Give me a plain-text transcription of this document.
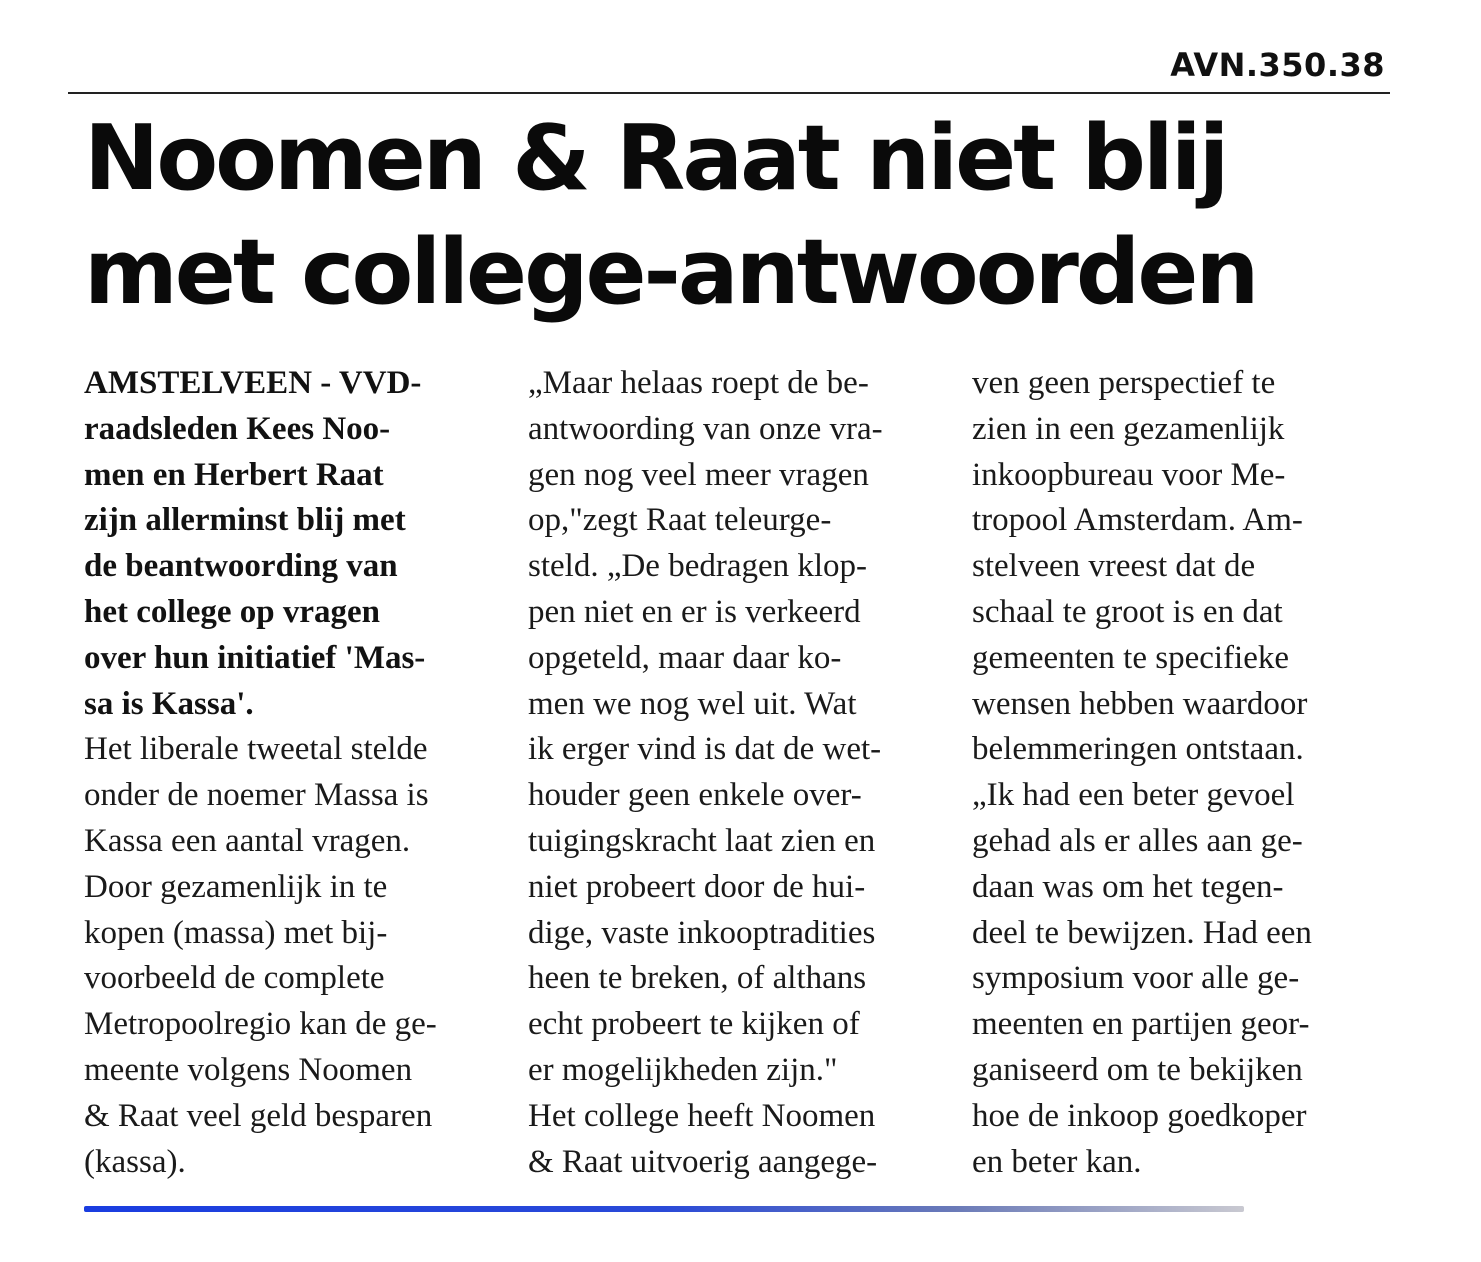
AVN.350.38
Noomen & Raat niet blij
met college-antwoorden
AMSTELVEEN - VVD-
raadsleden Kees Noo-
men en Herbert Raat
zijn allerminst blij met
de beantwoording van
het college op vragen
over hun initiatief 'Mas-
sa is Kassa'.
Het liberale tweetal stelde
onder de noemer Massa is
Kassa een aantal vragen.
Door gezamenlijk in te
kopen (massa) met bij-
voorbeeld de complete
Metropoolregio kan de ge-
meente volgens Noomen
& Raat veel geld besparen
(kassa).
„Maar helaas roept de be-
antwoording van onze vra-
gen nog veel meer vragen
op,"zegt Raat teleurge-
steld. „De bedragen klop-
pen niet en er is verkeerd
opgeteld, maar daar ko-
men we nog wel uit. Wat
ik erger vind is dat de wet-
houder geen enkele over-
tuigingskracht laat zien en
niet probeert door de hui-
dige, vaste inkooptradities
heen te breken, of althans
echt probeert te kijken of
er mogelijkheden zijn."
Het college heeft Noomen
& Raat uitvoerig aangege-
ven geen perspectief te
zien in een gezamenlijk
inkoopbureau voor Me-
tropool Amsterdam. Am-
stelveen vreest dat de
schaal te groot is en dat
gemeenten te specifieke
wensen hebben waardoor
belemmeringen ontstaan.
„Ik had een beter gevoel
gehad als er alles aan ge-
daan was om het tegen-
deel te bewijzen. Had een
symposium voor alle ge-
meenten en partijen geor-
ganiseerd om te bekijken
hoe de inkoop goedkoper
en beter kan.
